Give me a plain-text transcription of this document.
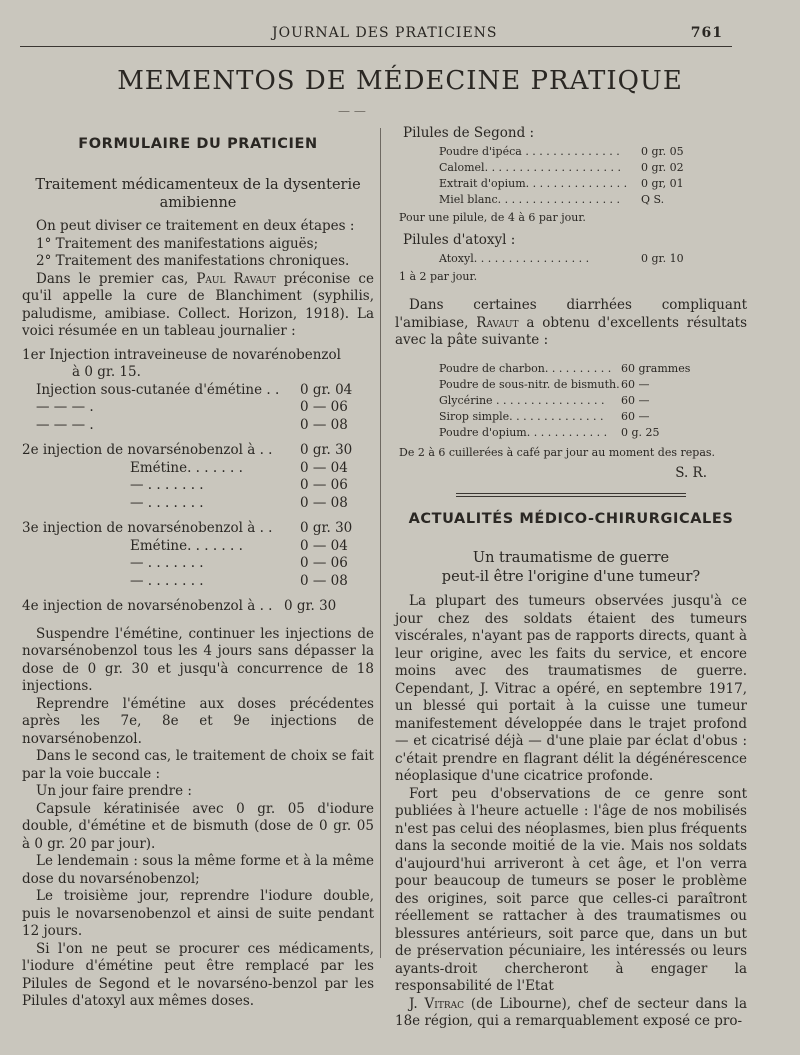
JOURNAL DES PRATICIENS	761
MEMENTOS DE MÉDECINE PRATIQUE
— —
FORMULAIRE DU PRATICIEN
Traitement médicamenteux de la dysenterie
amibienne

On peut diviser ce traitement en deux étapes :

1° Traitement des manifestations aiguës;

2° Traitement des manifestations chroniques.

Dans le premier cas, Paul Ravaut préconise ce qu'il appelle la cure de Blanchiment (syphilis, paludisme, amibiase. Collect. Horizon, 1918). La voici résumée en un tableau journalier :

1er Injection intraveineuse de novarénobenzol

à 0 gr. 15.

Injection sous-cutanée d'émétine . . 0 gr. 04
— — — .	0 — 06
— — — .	0 — 08
2e injection de novarsénobenzol à . . 0 gr. 30
Emétine. . . . . . .	0 — 04
— . . . . . . .	0 — 06
— . . . . . . .	0 — 08
3e injection de novarsénobenzol à . . 0 gr. 30
Emétine. . . . . . .	0 — 04
— . . . . . . .	0 — 06
— . . . . . . .	0 — 08
4e injection de novarsénobenzol à . . 0 gr. 30

Suspendre l'émétine, continuer les injections de novarsénobenzol tous les 4 jours sans dépasser la dose de 0 gr. 30 et jusqu'à concurrence de 18 injections.

Reprendre l'émétine aux doses précédentes après les 7e, 8e et 9e injections de novarsénobenzol.

Dans le second cas, le traitement de choix se fait par la voie buccale :

Un jour faire prendre :

Capsule kératinisée avec 0 gr. 05 d'iodure double, d'émétine et de bismuth (dose de 0 gr. 05 à 0 gr. 20 par jour).

Le lendemain : sous la même forme et à la même dose du novarsénobenzol;

Le troisième jour, reprendre l'iodure double, puis le novarsenobenzol et ainsi de suite pendant 12 jours.

Si l'on ne peut se procurer ces médicaments, l'iodure d'émétine peut être remplacé par les Pilules de Segond et le novarséno-benzol par les Pilules d'atoxyl aux mêmes doses.

Pilules de Segond :

Poudre d'ipéca . . . . . . . . . . . . . . 0 gr. 05
Calomel. . . . . . . . . . . . . . . . . . . . 0 gr. 02
Extrait d'opium. . . . . . . . . . . . . . . 0 gr, 01
Miel blanc. . . . . . . . . . . . . . . . . . Q S.

Pour une pilule, de 4 à 6 par jour.

Pilules d'atoxyl :

Atoxyl. . . . . . . . . . . . . . . . .	0 gr. 10

1 à 2 par jour.

Dans certaines diarrhées compliquant l'amibiase, Ravaut a obtenu d'excellents résultats avec la pâte suivante :

Poudre de charbon. . . . . . . . . . 60 grammes
Poudre de sous-nitr. de bismuth. 60 —
Glycérine . . . . . . . . . . . . . . . . 60 —
Sirop simple. . . . . . . . . . . . . . 60 —
Poudre d'opium. . . . . . . . . . . . 0 g. 25

De 2 à 6 cuillerées à café par jour au moment des repas.

S. R.
ACTUALITÉS MÉDICO-CHIRURGICALES

Un traumatisme de guerre

peut-il être l'origine d'une tumeur?

La plupart des tumeurs observées jusqu'à ce jour chez des soldats étaient des tumeurs viscérales, n'ayant pas de rapports directs, quant à leur origine, avec les faits du service, et encore moins avec des traumatismes de guerre. Cependant, J. Vitrac a opéré, en septembre 1917, un blessé qui portait à la cuisse une tumeur manifestement développée dans le trajet profond — et cicatrisé déjà — d'une plaie par éclat d'obus : c'était prendre en flagrant délit la dégénérescence néoplasique d'une cicatrice profonde.

Fort peu d'observations de ce genre sont publiées à l'heure actuelle : l'âge de nos mobilisés n'est pas celui des néoplasmes, bien plus fréquents dans la seconde moitié de la vie. Mais nos soldats d'aujourd'hui arriveront à cet âge, et l'on verra pour beaucoup de tumeurs se poser le problème des origines, soit parce que celles-ci paraîtront réellement se rattacher à des traumatismes ou blessures antérieurs, soit parce que, dans un but de préservation pécuniaire, les intéressés ou leurs ayants-droit chercheront à engager la responsabilité de l'Etat

J. Vitrac (de Libourne), chef de secteur dans la 18e région, qui a remarquablement exposé ce pro-
